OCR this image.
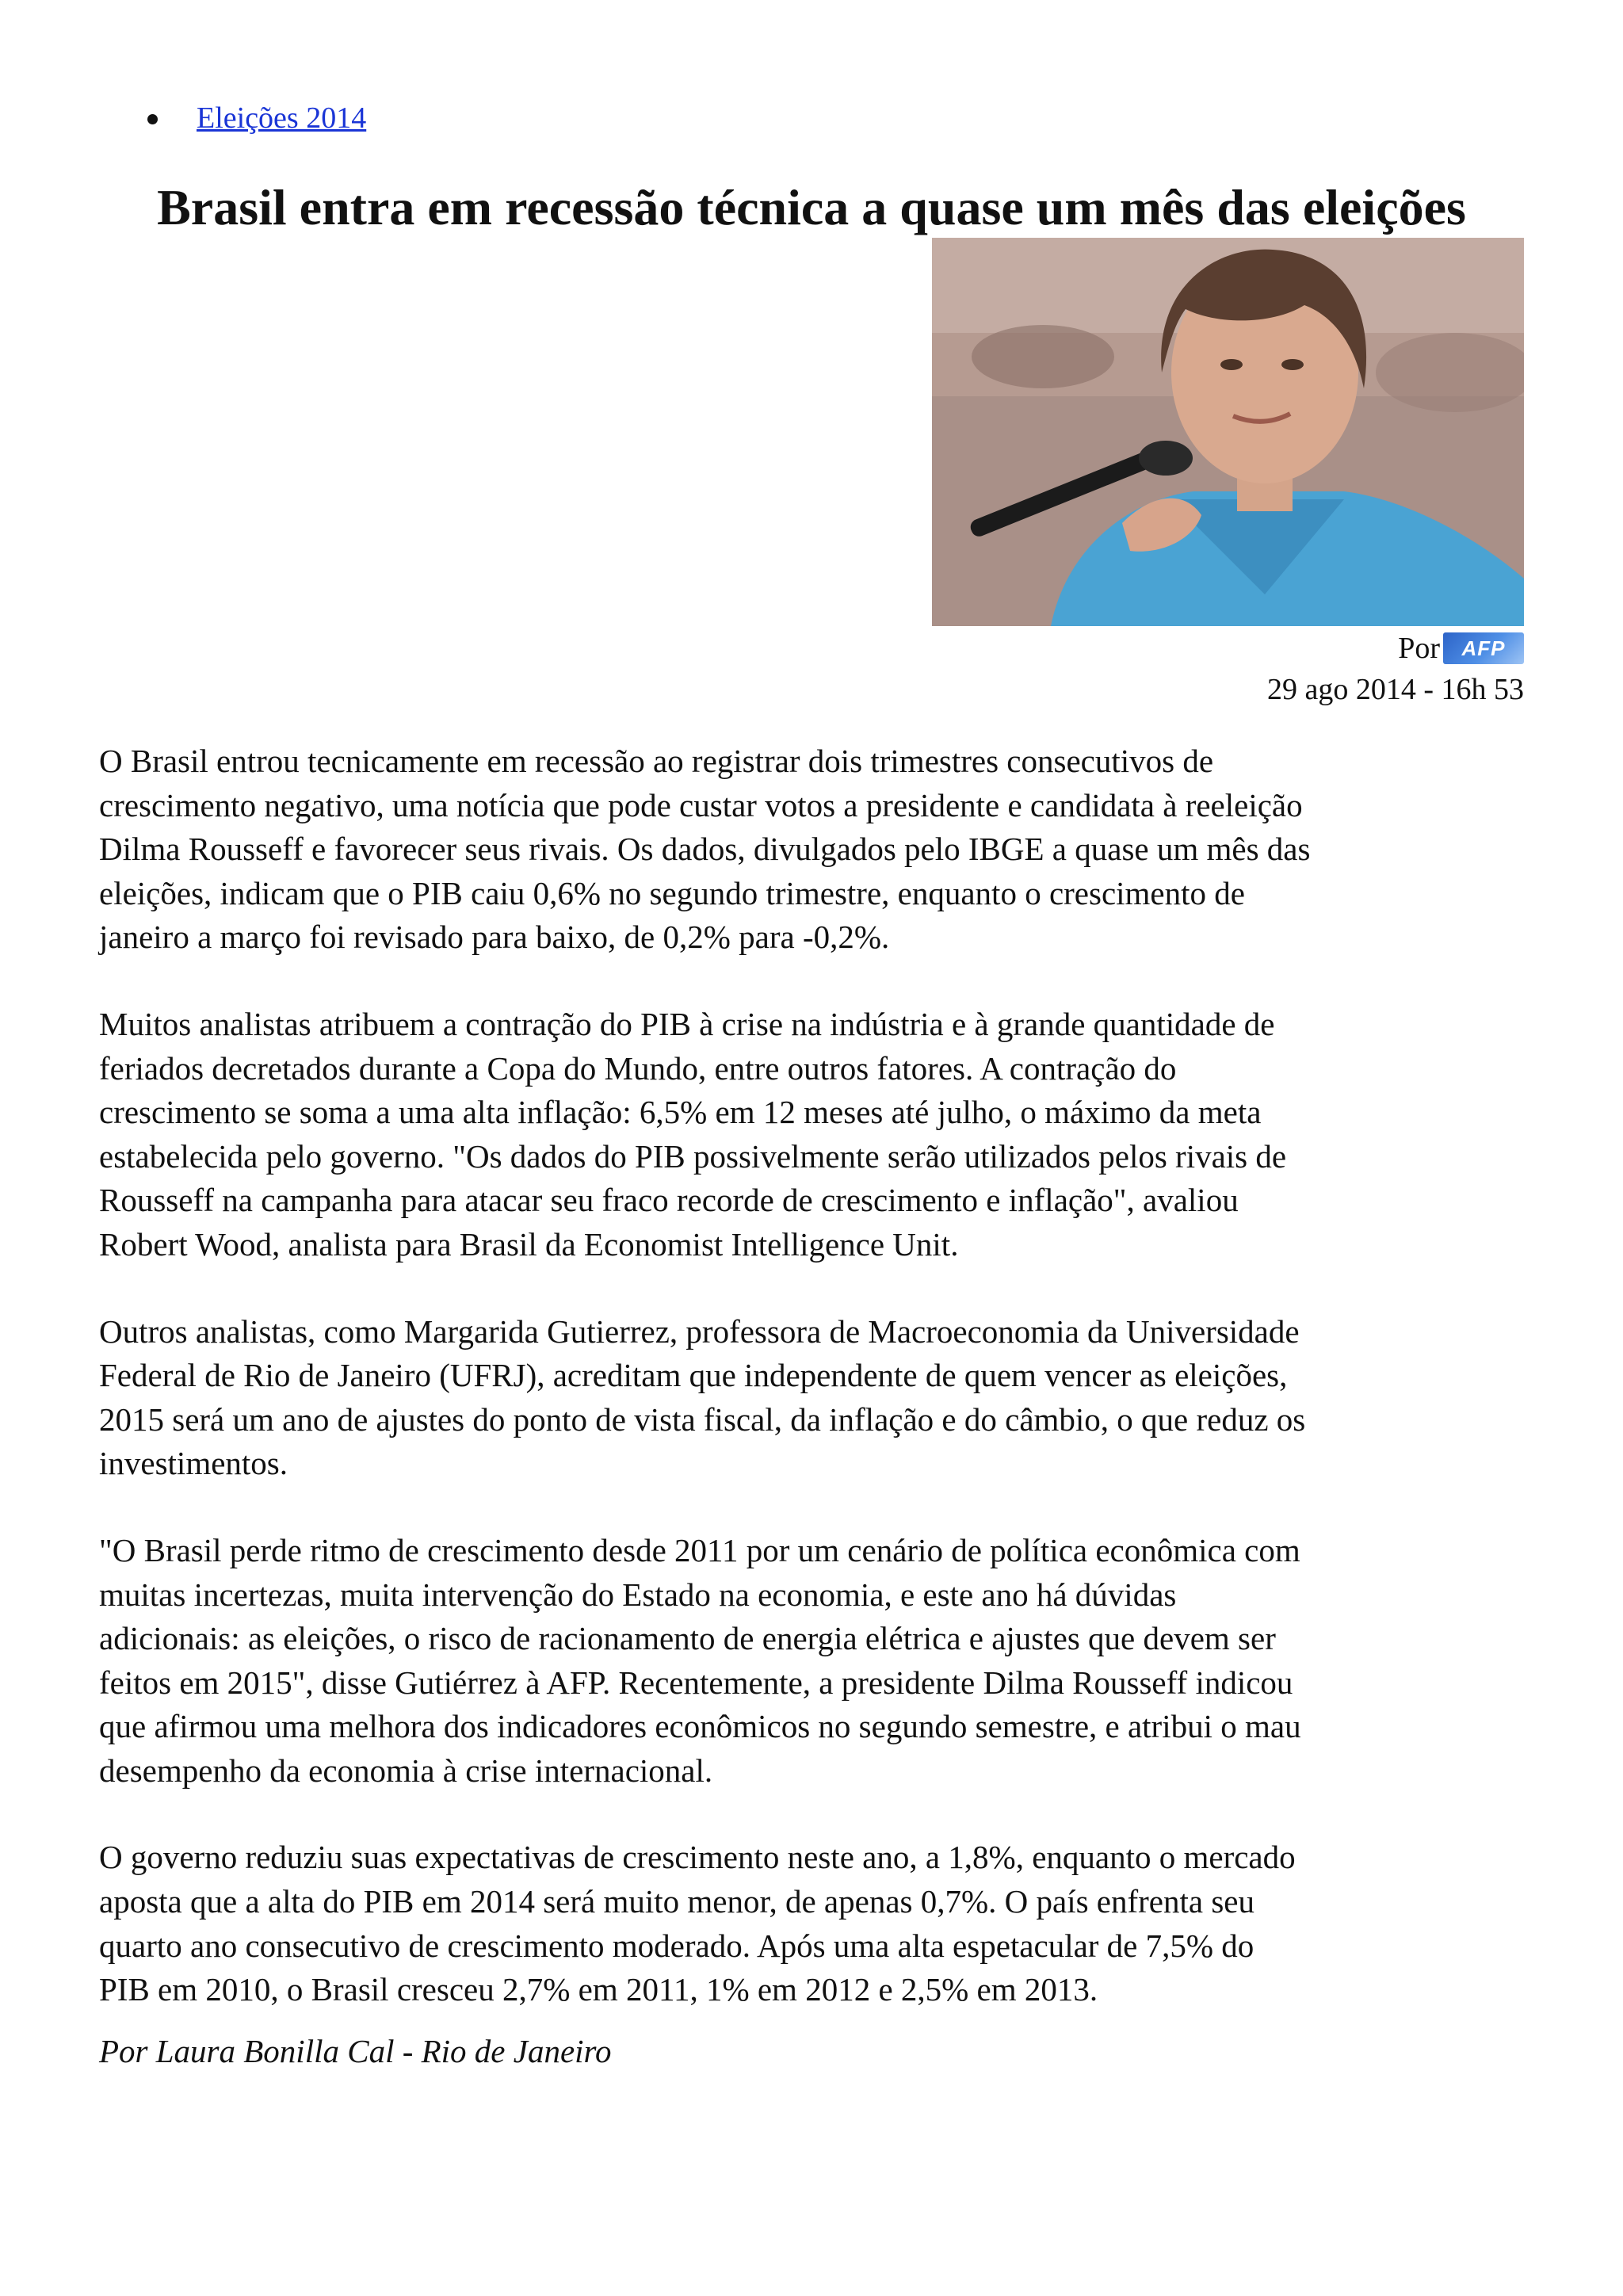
Eleições 2014
Brasil entra em recessão técnica a quase um mês das eleições
Por	AFP
29 ago 2014 - 16h 53

O Brasil entrou tecnicamente em recessão ao registrar dois trimestres consecutivos de
crescimento negativo, uma notícia que pode custar votos a presidente e candidata à reeleição
Dilma Rousseff e favorecer seus rivais. Os dados, divulgados pelo IBGE a quase um mês das
eleições, indicam que o PIB caiu 0,6% no segundo trimestre, enquanto o crescimento de
janeiro a março foi revisado para baixo, de 0,2% para -0,2%.

Muitos analistas atribuem a contração do PIB à crise na indústria e à grande quantidade de
feriados decretados durante a Copa do Mundo, entre outros fatores. A contração do
crescimento se soma a uma alta inflação: 6,5% em 12 meses até julho, o máximo da meta
estabelecida pelo governo. "Os dados do PIB possivelmente serão utilizados pelos rivais de
Rousseff na campanha para atacar seu fraco recorde de crescimento e inflação", avaliou
Robert Wood, analista para Brasil da Economist Intelligence Unit.

Outros analistas, como Margarida Gutierrez, professora de Macroeconomia da Universidade
Federal de Rio de Janeiro (UFRJ), acreditam que independente de quem vencer as eleições,
2015 será um ano de ajustes do ponto de vista fiscal, da inflação e do câmbio, o que reduz os
investimentos.

"O Brasil perde ritmo de crescimento desde 2011 por um cenário de política econômica com
muitas incertezas, muita intervenção do Estado na economia, e este ano há dúvidas
adicionais: as eleições, o risco de racionamento de energia elétrica e ajustes que devem ser
feitos em 2015", disse Gutiérrez à AFP. Recentemente, a presidente Dilma Rousseff indicou
que afirmou uma melhora dos indicadores econômicos no segundo semestre, e atribui o mau
desempenho da economia à crise internacional.

O governo reduziu suas expectativas de crescimento neste ano, a 1,8%, enquanto o mercado
aposta que a alta do PIB em 2014 será muito menor, de apenas 0,7%. O país enfrenta seu
quarto ano consecutivo de crescimento moderado. Após uma alta espetacular de 7,5% do
PIB em 2010, o Brasil cresceu 2,7% em 2011, 1% em 2012 e 2,5% em 2013.

Por Laura Bonilla Cal - Rio de Janeiro
